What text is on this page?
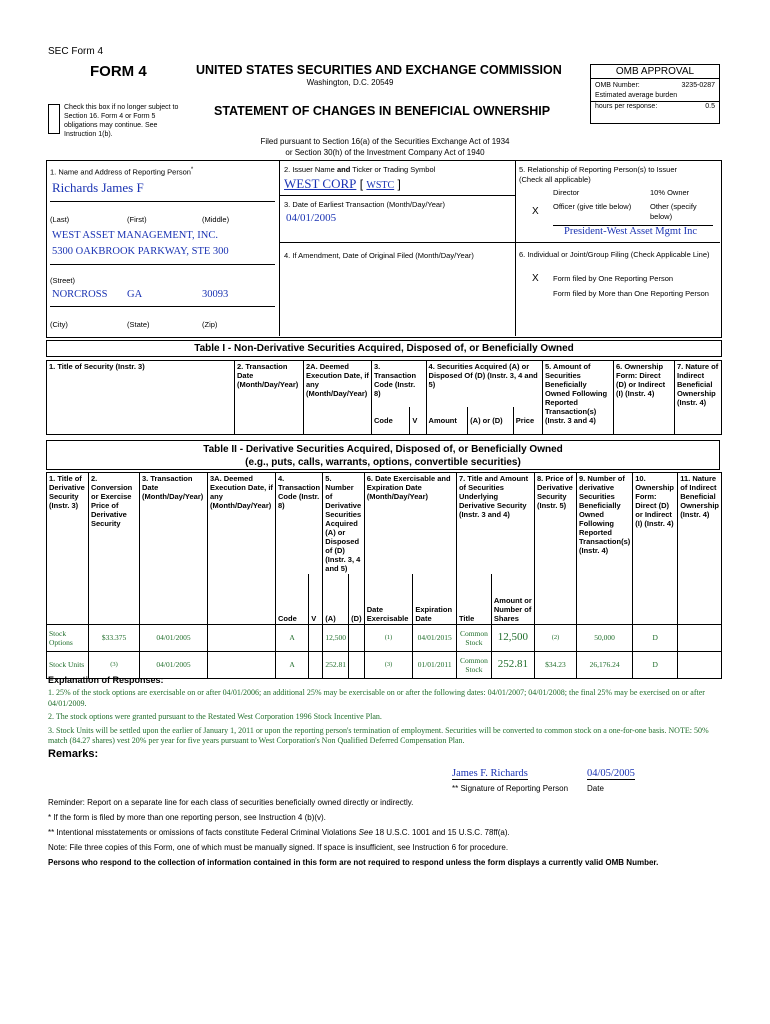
SEC Form 4
FORM 4	UNITED STATES SECURITIES AND EXCHANGE COMMISSION
Washington, D.C. 20549
Check this box if no longer subject to Section 16. Form 4 or Form 5 obligations may continue. See Instruction 1(b).
STATEMENT OF CHANGES IN BENEFICIAL OWNERSHIP
OMB APPROVAL
OMB Number:	3235-0287
Estimated average burden
hours per response:	0.5
Filed pursuant to Section 16(a) of the Securities Exchange Act of 1934
or Section 30(h) of the Investment Company Act of 1940
1. Name and Address of Reporting Person*
Richards James F
(Last)	(First)	(Middle)
WEST ASSET MANAGEMENT, INC.
5300 OAKBROOK PARKWAY, STE 300
(Street)
NORCROSS GA	30093
(City)	(State)	(Zip)
2. Issuer Name and Ticker or Trading Symbol
WEST CORP [ WSTC ]
3. Date of Earliest Transaction (Month/Day/Year)
04/01/2005
4. If Amendment, Date of Original Filed (Month/Day/Year)
5. Relationship of Reporting Person(s) to Issuer
(Check all applicable)
Director	10% Owner
X Officer (give title below)	Other (specify below)
President-West Asset Mgmt Inc
6. Individual or Joint/Group Filing (Check Applicable Line)
X Form filed by One Reporting Person
Form filed by More than One Reporting Person
Table I - Non-Derivative Securities Acquired, Disposed of, or Beneficially Owned
1. Title of Security (Instr. 3)	2. Transaction Date (Month/Day/Year)	2A. Deemed Execution Date, if any (Month/Day/Year)	3. Transaction Code (Instr. 8)		4. Securities Acquired (A) or Disposed Of (D) (Instr. 3, 4 and 5)			5. Amount of Securities Beneficially Owned Following Reported Transaction(s) (Instr. 3 and 4)	6. Ownership Form: Direct (D) or Indirect (I) (Instr. 4)	7. Nature of Indirect Beneficial Ownership (Instr. 4)
			Code	V	Amount	(A) or (D)	Price			
Table II - Derivative Securities Acquired, Disposed of, or Beneficially Owned
(e.g., puts, calls, warrants, options, convertible securities)
1. Title of Derivative Security (Instr. 3)	2. Conversion or Exercise Price of Derivative Security	3. Transaction Date (Month/Day/Year)	3A. Deemed Execution Date, if any (Month/Day/Year)	4. Transaction Code (Instr. 8)		5. Number of Derivative Securities Acquired (A) or Disposed of (D) (Instr. 3, 4 and 5)		6. Date Exercisable and Expiration Date (Month/Day/Year)		7. Title and Amount of Securities Underlying Derivative Security (Instr. 3 and 4)		8. Price of Derivative Security (Instr. 5)	9. Number of derivative Securities Beneficially Owned Following Reported Transaction(s) (Instr. 4)	10. Ownership Form: Direct (D) or Indirect (I) (Instr. 4)	11. Nature of Indirect Beneficial Ownership (Instr. 4)
				Code	V	(A)	(D)	Date Exercisable	Expiration Date	Title	Amount or Number of Shares				
Stock Options	$33.375	04/01/2005		A		12,500		(1)	04/01/2015	Common Stock	12,500	(2)	50,000	D	
Stock Units	(3)	04/01/2005		A		252.81		(3)	01/01/2011	Common Stock	252.81	$34.23	26,176.24	D	
Explanation of Responses:
1. 25% of the stock options are exercisable on or after 04/01/2006; an additional 25% may be exercisable on or after the following dates: 04/01/2007; 04/01/2008; the final 25% may be exercised on or after 04/01/2009.
2. The stock options were granted pursuant to the Restated West Corporation 1996 Stock Incentive Plan.
3. Stock Units will be settled upon the earlier of January 1, 2011 or upon the reporting person's termination of employment. Securities will be converted to common stock on a one-for-one basis. NOTE: 50% match (84.27 shares) vest 20% per year for five years pursuant to West Corporation's Non Qualified Deferred Compensation Plan.
Remarks:
James F. Richards	04/05/2005
** Signature of Reporting Person Date
Reminder: Report on a separate line for each class of securities beneficially owned directly or indirectly.
* If the form is filed by more than one reporting person, see Instruction 4 (b)(v).
** Intentional misstatements or omissions of facts constitute Federal Criminal Violations See 18 U.S.C. 1001 and 15 U.S.C. 78ff(a).
Note: File three copies of this Form, one of which must be manually signed. If space is insufficient, see Instruction 6 for procedure.
Persons who respond to the collection of information contained in this form are not required to respond unless the form displays a currently valid OMB Number.
